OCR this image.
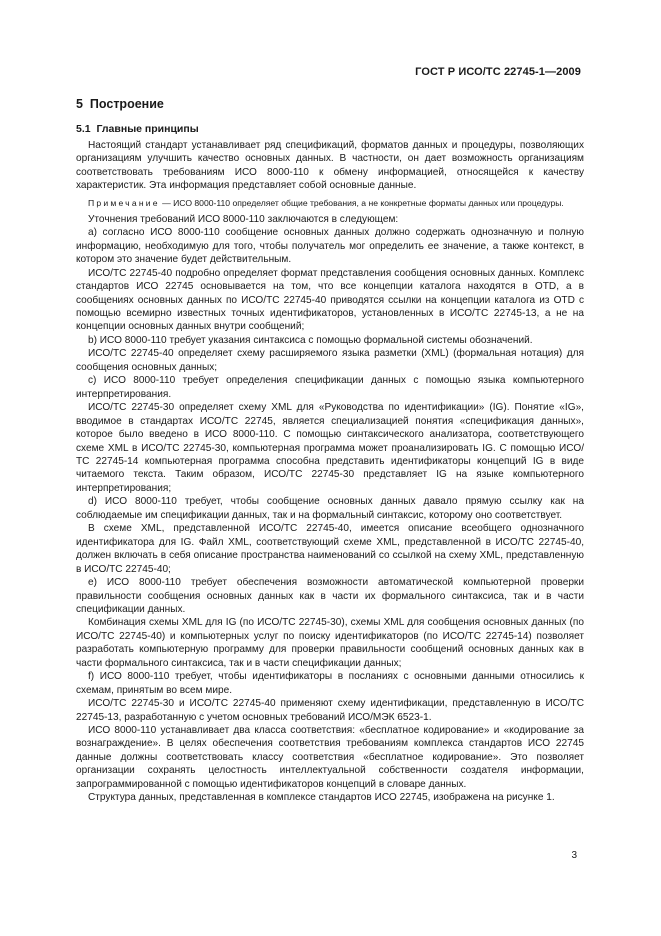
ГОСТ Р ИСО/ТС 22745-1—2009
5 Построение
5.1 Главные принципы

Настоящий стандарт устанавливает ряд спецификаций, форматов данных и процедуры, позволяющих организациям улучшить качество основных данных. В частности, он дает возможность организациям соответствовать требованиям ИСО 8000-110 к обмену информацией, относящейся к качеству характеристик. Эта информация представляет собой основные данные.

Примечание — ИСО 8000-110 определяет общие требования, а не конкретные форматы данных или процедуры.

Уточнения требований ИСО 8000-110 заключаются в следующем:

а) согласно ИСО 8000-110 сообщение основных данных должно содержать однозначную и полную информацию, необходимую для того, чтобы получатель мог определить ее значение, а также контекст, в котором это значение будет действительным.

ИСО/ТС 22745-40 подробно определяет формат представления сообщения основных данных. Комплекс стандартов ИСО 22745 основывается на том, что все концепции каталога находятся в OTD, а в сообщениях основных данных по ИСО/ТС 22745-40 приводятся ссылки на концепции каталога из OTD с помощью всемирно известных точных идентификаторов, установленных в ИСО/ТС 22745-13, а не на концепции основных данных внутри сообщений;

b) ИСО 8000-110 требует указания синтаксиса с помощью формальной системы обозначений.

ИСО/ТС 22745-40 определяет схему расширяемого языка разметки (XML) (формальная нотация) для сообщения основных данных;

с) ИСО 8000-110 требует определения спецификации данных с помощью языка компьютерного интерпретирования.

ИСО/ТС 22745-30 определяет схему XML для «Руководства по идентификации» (IG). Понятие «IG», вводимое в стандартах ИСО/ТС 22745, является специализацией понятия «спецификация данных», которое было введено в ИСО 8000-110. С помощью синтаксического анализатора, соответствующего схеме XML в ИСО/ТС 22745-30, компьютерная программа может проанализировать IG. С помощью ИСО/ТС 22745-14 компьютерная программа способна представить идентификаторы концепций IG в виде читаемого текста. Таким образом, ИСО/ТС 22745-30 представляет IG на языке компьютерного интерпретирования;

d) ИСО 8000-110 требует, чтобы сообщение основных данных давало прямую ссылку как на соблюдаемые им спецификации данных, так и на формальный синтаксис, которому оно соответствует.

В схеме XML, представленной ИСО/ТС 22745-40, имеется описание всеобщего однозначного идентификатора для IG. Файл XML, соответствующий схеме XML, представленной в ИСО/ТС 22745-40, должен включать в себя описание пространства наименований со ссылкой на схему XML, представленную в ИСО/ТС 22745-40;

е) ИСО 8000-110 требует обеспечения возможности автоматической компьютерной проверки правильности сообщения основных данных как в части их формального синтаксиса, так и в части спецификации данных.

Комбинация схемы XML для IG (по ИСО/ТС 22745-30), схемы XML для сообщения основных данных (по ИСО/ТС 22745-40) и компьютерных услуг по поиску идентификаторов (по ИСО/ТС 22745-14) позволяет разработать компьютерную программу для проверки правильности сообщений основных данных как в части формального синтаксиса, так и в части спецификации данных;

f) ИСО 8000-110 требует, чтобы идентификаторы в посланиях с основными данными относились к схемам, принятым во всем мире.

ИСО/ТС 22745-30 и ИСО/ТС 22745-40 применяют схему идентификации, представленную в ИСО/ТС 22745-13, разработанную с учетом основных требований ИСО/МЭК 6523-1.

ИСО 8000-110 устанавливает два класса соответствия: «бесплатное кодирование» и «кодирование за вознаграждение». В целях обеспечения соответствия требованиям комплекса стандартов ИСО 22745 данные должны соответствовать классу соответствия «бесплатное кодирование». Это позволяет организации сохранять целостность интеллектуальной собственности создателя информации, запрограммированной с помощью идентификаторов концепций в словаре данных.

Структура данных, представленная в комплексе стандартов ИСО 22745, изображена на рисунке 1.

3
